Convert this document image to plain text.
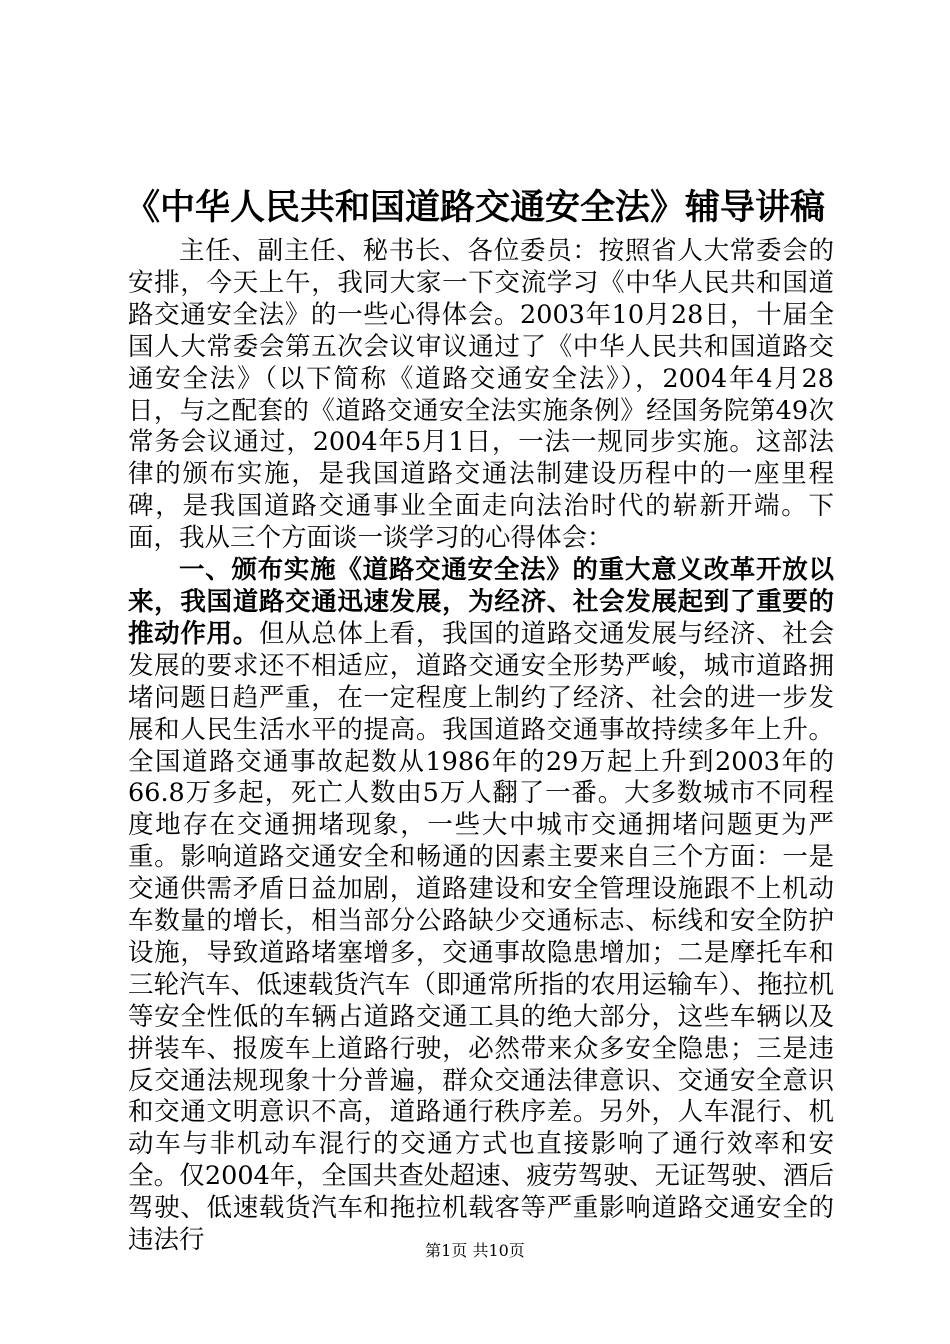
《中华人民共和国道路交通安全法》辅导讲稿

主任、副主任、秘书长、各位委员：按照省人大常委会的安排，今天上午，我同大家一下交流学习《中华人民共和国道路交通安全法》的一些心得体会。2003年10月28日，十届全国人大常委会第五次会议审议通过了《中华人民共和国道路交通安全法》（以下简称《道路交通安全法》），2004年4月28日，与之配套的《道路交通安全法实施条例》经国务院第49次常务会议通过，2004年5月1日，一法一规同步实施。这部法律的颁布实施，是我国道路交通法制建设历程中的一座里程碑，是我国道路交通事业全面走向法治时代的崭新开端。下面，我从三个方面谈一谈学习的心得体会：

一、颁布实施《道路交通安全法》的重大意义改革开放以来，我国道路交通迅速发展，为经济、社会发展起到了重要的推动作用。但从总体上看，我国的道路交通发展与经济、社会发展的要求还不相适应，道路交通安全形势严峻，城市道路拥堵问题日趋严重，在一定程度上制约了经济、社会的进一步发展和人民生活水平的提高。我国道路交通事故持续多年上升。全国道路交通事故起数从1986年的29万起上升到2003年的66.8万多起，死亡人数由5万人翻了一番。大多数城市不同程度地存在交通拥堵现象，一些大中城市交通拥堵问题更为严重。影响道路交通安全和畅通的因素主要来自三个方面：一是交通供需矛盾日益加剧，道路建设和安全管理设施跟不上机动车数量的增长，相当部分公路缺少交通标志、标线和安全防护设施，导致道路堵塞增多，交通事故隐患增加；二是摩托车和三轮汽车、低速载货汽车（即通常所指的农用运输车）、拖拉机等安全性低的车辆占道路交通工具的绝大部分，这些车辆以及拼装车、报废车上道路行驶，必然带来众多安全隐患；三是违反交通法规现象十分普遍，群众交通法律意识、交通安全意识和交通文明意识不高，道路通行秩序差。另外，人车混行、机动车与非机动车混行的交通方式也直接影响了通行效率和安全。仅2004年，全国共查处超速、疲劳驾驶、无证驾驶、酒后驾驶、低速载货汽车和拖拉机载客等严重影响道路交通安全的违法行	第1页 共10页
